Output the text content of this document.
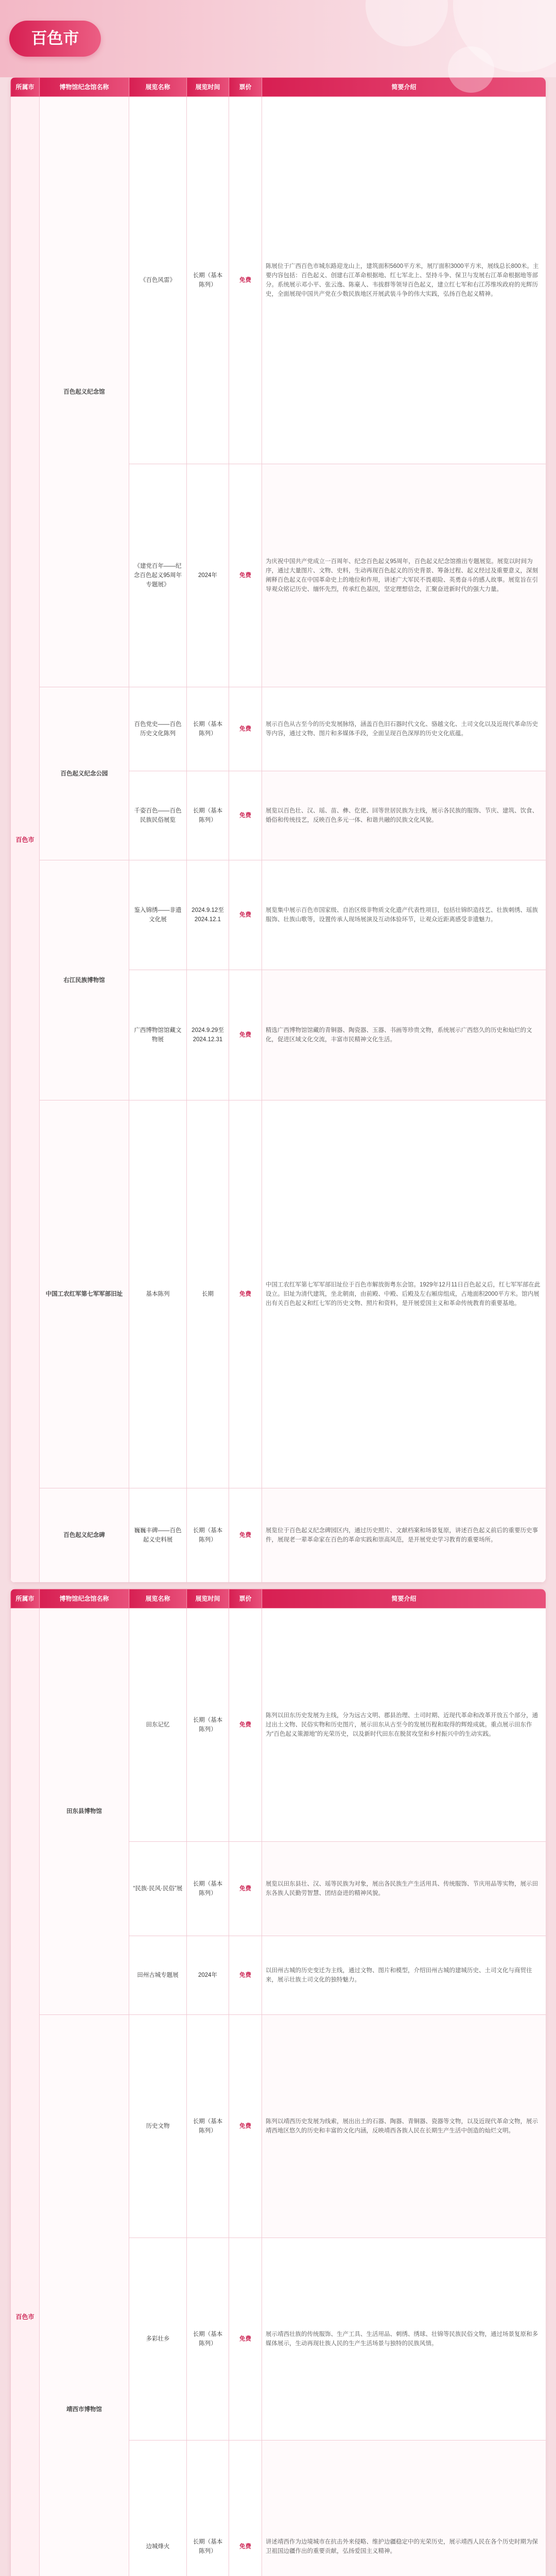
百色市
所属市	博物馆纪念馆名称	展览名称	展览时间	票价	简要介绍
百色市	百色起义纪念馆	《百色风雷》	长期（基本陈列）	免费	陈展位于广西百色市城东路迎龙山上，建筑面积5600平方米，展厅面积3000平方米，展线总长800米。主要内容包括：百色起义、创建右江革命根据地、红七军北上、坚持斗争、保卫与发展右江革命根据地等部分。系统展示邓小平、张云逸、陈豪人、韦拔群等领导百色起义，建立红七军和右江苏维埃政府的光辉历史，全面展现中国共产党在少数民族地区开展武装斗争的伟大实践，弘扬百色起义精神。
		《建党百年——纪念百色起义95周年专题展》	2024年	免费	为庆祝中国共产党成立一百周年、纪念百色起义95周年，百色起义纪念馆推出专题展览。展览以时间为序，通过大量图片、文物、史料，生动再现百色起义的历史背景、筹备过程、起义经过及重要意义，深刻阐释百色起义在中国革命史上的地位和作用，讲述广大军民不畏艰险、英勇奋斗的感人故事。展览旨在引导观众铭记历史、缅怀先烈，传承红色基因，坚定理想信念，汇聚奋进新时代的强大力量。
	百色起义纪念公园	百色党史——百色历史文化陈列	长期（基本陈列）	免费	展示百色从古至今的历史发展脉络，涵盖百色旧石器时代文化、骆越文化、土司文化以及近现代革命历史等内容，通过文物、图片和多媒体手段，全面呈现百色深厚的历史文化底蕴。
		千姿百色——百色民族民俗展览	长期（基本陈列）	免费	展览以百色壮、汉、瑶、苗、彝、仡佬、回等世居民族为主线，展示各民族的服饰、节庆、建筑、饮食、婚俗和传统技艺，反映百色多元一体、和谐共融的民族文化风貌。
	右江民族博物馆	鉴入锦绣——非遗文化展	2024.9.12至2024.12.1	免费	展览集中展示百色市国家级、自治区级非物质文化遗产代表性项目，包括壮锦织造技艺、壮族刺绣、瑶族服饰、壮族山歌等，设置传承人现场展演及互动体验环节，让观众近距离感受非遗魅力。
		广西博物馆馆藏文物展	2024.9.29至2024.12.31	免费	精选广西博物馆馆藏的青铜器、陶瓷器、玉器、书画等珍贵文物，系统展示广西悠久的历史和灿烂的文化，促进区域文化交流，丰富市民精神文化生活。
	中国工农红军第七军军部旧址	基本陈列	长期	免费	中国工农红军第七军军部旧址位于百色市解放街粤东会馆。1929年12月11日百色起义后，红七军军部在此设立。旧址为清代建筑，坐北朝南，由前殿、中殿、后殿及左右厢房组成，占地面积2000平方米。馆内展出有关百色起义和红七军的历史文物、照片和资料，是开展爱国主义和革命传统教育的重要基地。
	百色起义纪念碑	巍巍丰碑——百色起义史料展	长期（基本陈列）	免费	展览位于百色起义纪念碑园区内，通过历史照片、文献档案和场景复原，讲述百色起义前后的重要历史事件，展现老一辈革命家在百色的革命实践和崇高风范，是开展党史学习教育的重要场所。
所属市	博物馆纪念馆名称	展览名称	展览时间	票价	简要介绍
百色市	田东县博物馆	田东记忆	长期（基本陈列）	免费	陈列以田东历史发展为主线，分为远古文明、郡县治理、土司时期、近现代革命和改革开放五个部分，通过出土文物、民俗实物和历史图片，展示田东从古至今的发展历程和取得的辉煌成就。重点展示田东作为“百色起义策源地”的光荣历史，以及新时代田东在脱贫攻坚和乡村振兴中的生动实践。
		“民族·民风·民俗”展	长期（基本陈列）	免费	展览以田东县壮、汉、瑶等民族为对象，展出各民族生产生活用具、传统服饰、节庆用品等实物，展示田东各族人民勤劳智慧、团结奋进的精神风貌。
		田州古城专题展	2024年	免费	以田州古城的历史变迁为主线，通过文物、图片和模型，介绍田州古城的建城历史、土司文化与商贸往来，展示壮族土司文化的独特魅力。
	靖西市博物馆	历史文物	长期（基本陈列）	免费	陈列以靖西历史发展为线索，展出出土的石器、陶器、青铜器、瓷器等文物，以及近现代革命文物，展示靖西地区悠久的历史和丰富的文化内涵，反映靖西各族人民在长期生产生活中创造的灿烂文明。
		多彩壮乡	长期（基本陈列）	免费	展示靖西壮族的传统服饰、生产工具、生活用品、刺绣、绣球、壮锦等民族民俗文物，通过场景复原和多媒体展示，生动再现壮族人民的生产生活场景与独特的民族风情。
		边城烽火	长期（基本陈列）	免费	讲述靖西作为边境城市在抗击外来侵略、维护边疆稳定中的光荣历史，展示靖西人民在各个历史时期为保卫祖国边疆作出的重要贡献，弘扬爱国主义精神。
